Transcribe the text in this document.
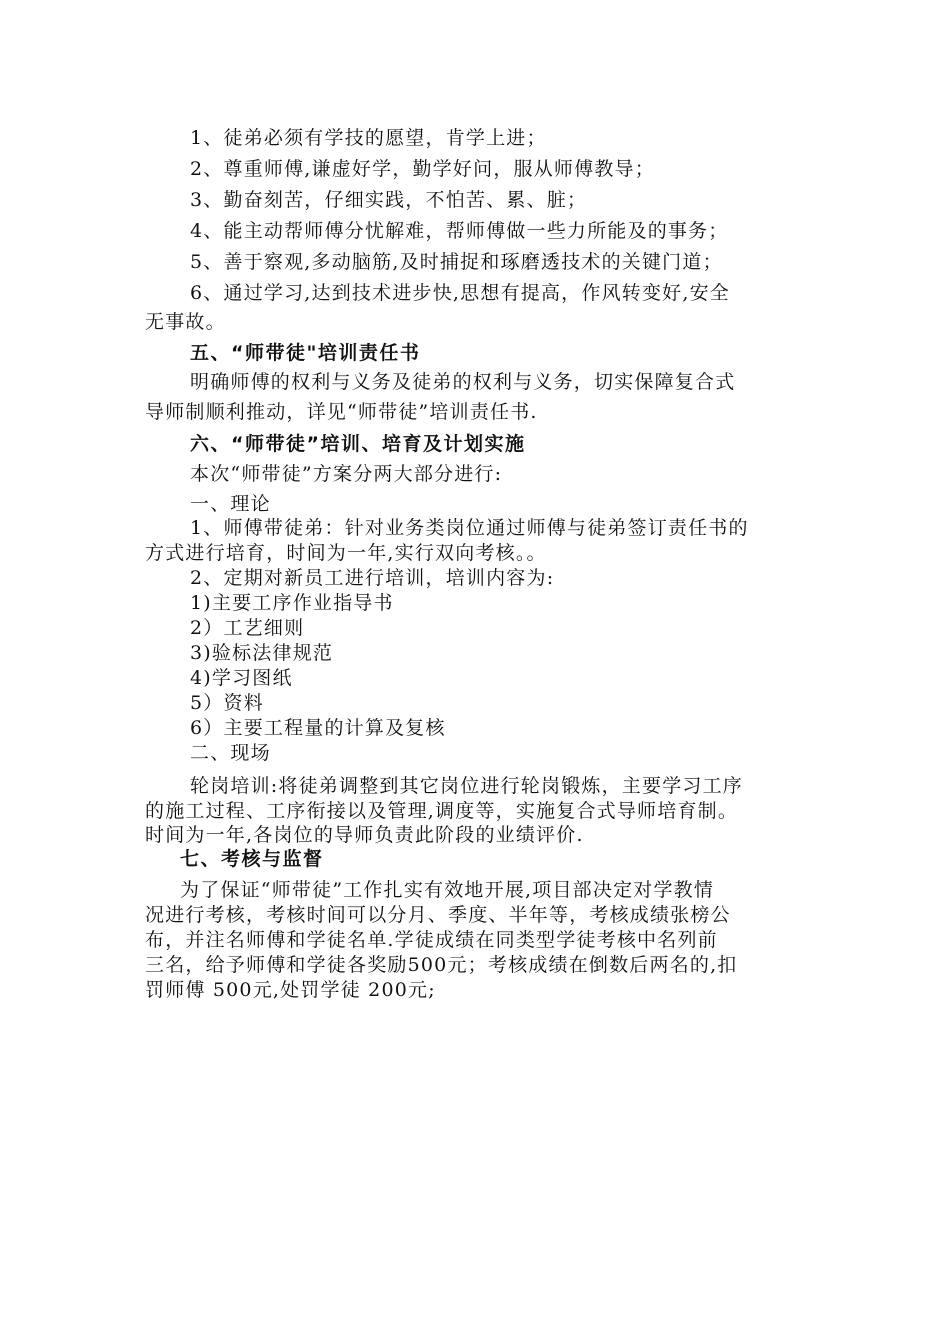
1、徒弟必须有学技的愿望，肯学上进；
2、尊重师傅,谦虚好学，勤学好问，服从师傅教导；
3、勤奋刻苦，仔细实践，不怕苦、累、脏；
4、能主动帮师傅分忧解难，帮师傅做一些力所能及的事务；
5、善于察观,多动脑筋,及时捕捉和琢磨透技术的关键门道；
6、通过学习,达到技术进步快,思想有提高，作风转变好,安全
无事故。
五、“师带徒"培训责任书
明确师傅的权利与义务及徒弟的权利与义务，切实保障复合式
导师制顺利推动，详见“师带徒”培训责任书.
六、“师带徒”培训、培育及计划实施
本次“师带徒”方案分两大部分进行:
一、理论
1、师傅带徒弟：针对业务类岗位通过师傅与徒弟签订责任书的
方式进行培育，时间为一年,实行双向考核。。
2、定期对新员工进行培训，培训内容为:
1)主要工序作业指导书
2）工艺细则
3)验标法律规范
4)学习图纸
5）资料
6）主要工程量的计算及复核
二、现场
轮岗培训:将徒弟调整到其它岗位进行轮岗锻炼，主要学习工序
的施工过程、工序衔接以及管理,调度等，实施复合式导师培育制。
时间为一年,各岗位的导师负责此阶段的业绩评价.
七、考核与监督
为了保证“师带徒”工作扎实有效地开展,项目部决定对学教情
况进行考核，考核时间可以分月、季度、半年等，考核成绩张榜公
布，并注名师傅和学徒名单.学徒成绩在同类型学徒考核中名列前
三名，给予师傅和学徒各奖励500元；考核成绩在倒数后两名的,扣
罚师傅 500元,处罚学徒 200元;
